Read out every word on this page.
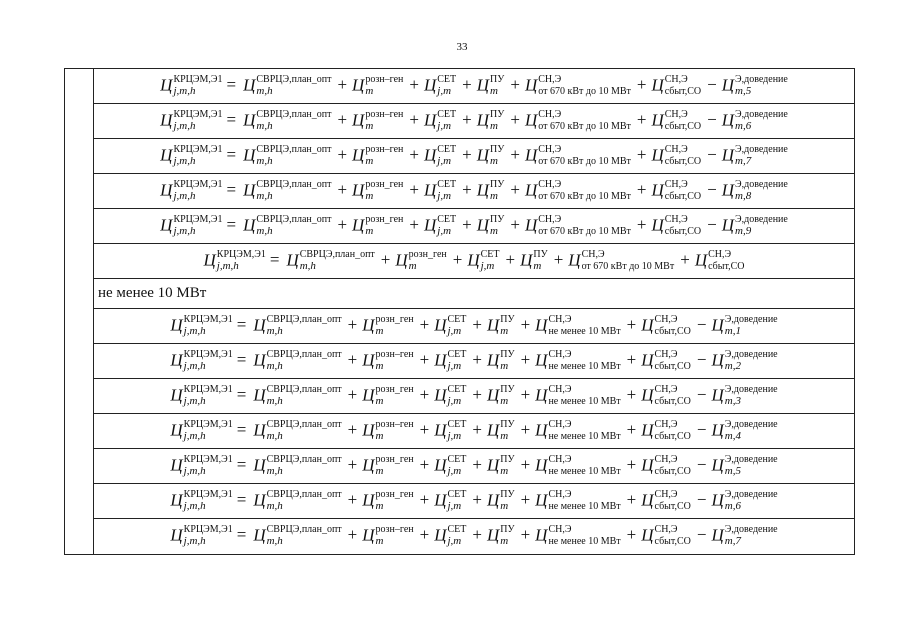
33
Ц КРЦЭМ,Э1
j,m,h	= Ц СВРЦЭ,план_опт
m,h	+ Ц розн–ген
m	+ Ц СЕТ
j,m + Ц ПУ
m + Ц СН,Э
от 670 кВт до 10 МВт + Ц СН,Э
сбыт,СО − Ц Э,доведение
m,5
Ц КРЦЭМ,Э1
j,m,h	= Ц СВРЦЭ,план_опт
m,h	+ Ц розн–ген
m	+ Ц СЕТ
j,m + Ц ПУ
m + Ц СН,Э
от 670 кВт до 10 МВт + Ц СН,Э
сбыт,СО − Ц Э,доведение
m,6
Ц КРЦЭМ,Э1
j,m,h	= Ц СВРЦЭ,план_опт
m,h	+ Ц розн–ген
m	+ Ц СЕТ
j,m + Ц ПУ
m + Ц СН,Э
от 670 кВт до 10 МВт + Ц СН,Э
сбыт,СО − Ц Э,доведение
m,7
Ц КРЦЭМ,Э1
j,m,h	= Ц СВРЦЭ,план_опт
m,h	+ Ц розн_ген
m	+ Ц СЕТ
j,m + Ц ПУ
m + Ц СН,Э
от 670 кВт до 10 МВт + Ц СН,Э
сбыт,СО − Ц Э,доведение
m,8
Ц КРЦЭМ,Э1
j,m,h	= Ц СВРЦЭ,план_опт
m,h	+ Ц розн_ген
m	+ Ц СЕТ
j,m + Ц ПУ
m + Ц СН,Э
от 670 кВт до 10 МВт + Ц СН,Э
сбыт,СО − Ц Э,доведение
m,9
Ц КРЦЭМ,Э1
j,m,h	= Ц СВРЦЭ,план_опт
m,h	+ Ц розн_ген
m	+ Ц СЕТ
j,m + Ц ПУ
m + Ц СН,Э
от 670 кВт до 10 МВт + Ц СН,Э
сбыт,СО
не менее 10 МВт
Ц КРЦЭМ,Э1
j,m,h	= Ц СВРЦЭ,план_опт
m,h	+ Ц розн_ген
m	+ Ц СЕТ
j,m + Ц ПУ
m + Ц СН,Э
не менее 10 МВт + Ц СН,Э
сбыт,СО − Ц Э,доведение
m,1
Ц КРЦЭМ,Э1
j,m,h	= Ц СВРЦЭ,план_опт
m,h	+ Ц розн–ген
m	+ Ц СЕТ
j,m + Ц ПУ
m + Ц СН,Э
не менее 10 МВт + Ц СН,Э
сбыт,СО − Ц Э,доведение
m,2
Ц КРЦЭМ,Э1
j,m,h	= Ц СВРЦЭ,план_опт
m,h	+ Ц розн_ген
m	+ Ц СЕТ
j,m + Ц ПУ
m + Ц СН,Э
не менее 10 МВт + Ц СН,Э
сбыт,СО − Ц Э,доведение
m,3
Ц КРЦЭМ,Э1
j,m,h	= Ц СВРЦЭ,план_опт
m,h	+ Ц розн–ген
m	+ Ц СЕТ
j,m + Ц ПУ
m + Ц СН,Э
не менее 10 МВт + Ц СН,Э
сбыт,СО − Ц Э,доведение
m,4
Ц КРЦЭМ,Э1
j,m,h	= Ц СВРЦЭ,план_опт
m,h	+ Ц розн_ген
m	+ Ц СЕТ
j,m + Ц ПУ
m + Ц СН,Э
не менее 10 МВт + Ц СН,Э
сбыт,СО − Ц Э,доведение
m,5
Ц КРЦЭМ,Э1
j,m,h	= Ц СВРЦЭ,план_опт
m,h	+ Ц розн_ген
m	+ Ц СЕТ
j,m + Ц ПУ
m + Ц СН,Э
не менее 10 МВт + Ц СН,Э
сбыт,СО − Ц Э,доведение
m,6
Ц КРЦЭМ,Э1
j,m,h	= Ц СВРЦЭ,план_опт
m,h	+ Ц розн–ген
m	+ Ц СЕТ
j,m + Ц ПУ
m + Ц СН,Э
не менее 10 МВт + Ц СН,Э
сбыт,СО − Ц Э,доведение
m,7
